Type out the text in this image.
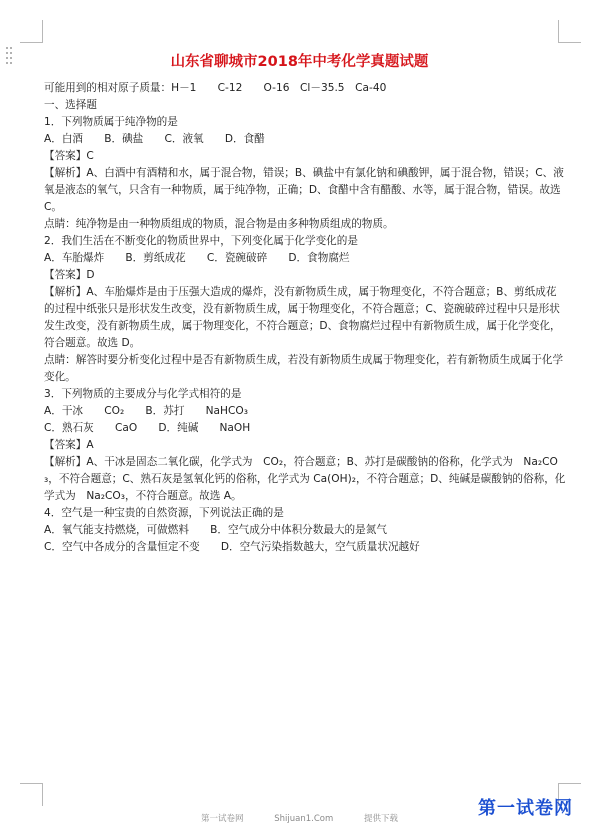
山东省聊城市2018年中考化学真题试题

可能用到的相对原子质量：H－1　　C-12　　O-16　Cl－35.5　Ca-40

一、选择题

1．下列物质属于纯净物的是

A．白酒　　B．碘盐　　C．液氧　　D．食醋

【答案】C

【解析】A、白酒中有酒精和水，属于混合物，错误；B、碘盐中有氯化钠和碘酸钾，属于混合物，错误；C、液氧是液态的氧气，只含有一种物质，属于纯净物，正确；D、食醋中含有醋酸、水等，属于混合物，错误。故选 C。

点睛：纯净物是由一种物质组成的物质，混合物是由多种物质组成的物质。

2．我们生活在不断变化的物质世界中，下列变化属于化学变化的是

A．车胎爆炸　　B．剪纸成花　　C．瓷碗破碎　　D．食物腐烂

【答案】D

【解析】A、车胎爆炸是由于压强大造成的爆炸，没有新物质生成，属于物理变化，不符合题意；B、剪纸成花的过程中纸张只是形状发生改变，没有新物质生成，属于物理变化，不符合题意；C、瓷碗破碎过程中只是形状发生改变，没有新物质生成，属于物理变化，不符合题意；D、食物腐烂过程中有新物质生成，属于化学变化，符合题意。故选 D。

点睛：解答时要分析变化过程中是否有新物质生成，若没有新物质生成属于物理变化，若有新物质生成属于化学变化。

3．下列物质的主要成分与化学式相符的是

A．干冰　　CO₂　　B．苏打　　NaHCO₃

C．熟石灰　　CaO　　D．纯碱　　NaOH

【答案】A

【解析】A、干冰是固态二氧化碳，化学式为　CO₂，符合题意；B、苏打是碳酸钠的俗称，化学式为　Na₂CO₃，不符合题意；C、熟石灰是氢氧化钙的俗称，化学式为 Ca(OH)₂，不符合题意；D、纯碱是碳酸钠的俗称，化学式为　Na₂CO₃，不符合题意。故选 A。

4．空气是一种宝贵的自然资源，下列说法正确的是

A．氧气能支持燃烧，可做燃料　　B．空气成分中体积分数最大的是氮气

C．空气中各成分的含量恒定不变　　D．空气污染指数越大，空气质量状况越好

第一试卷网	Shijuan1.Com	提供下载	第一试卷网
